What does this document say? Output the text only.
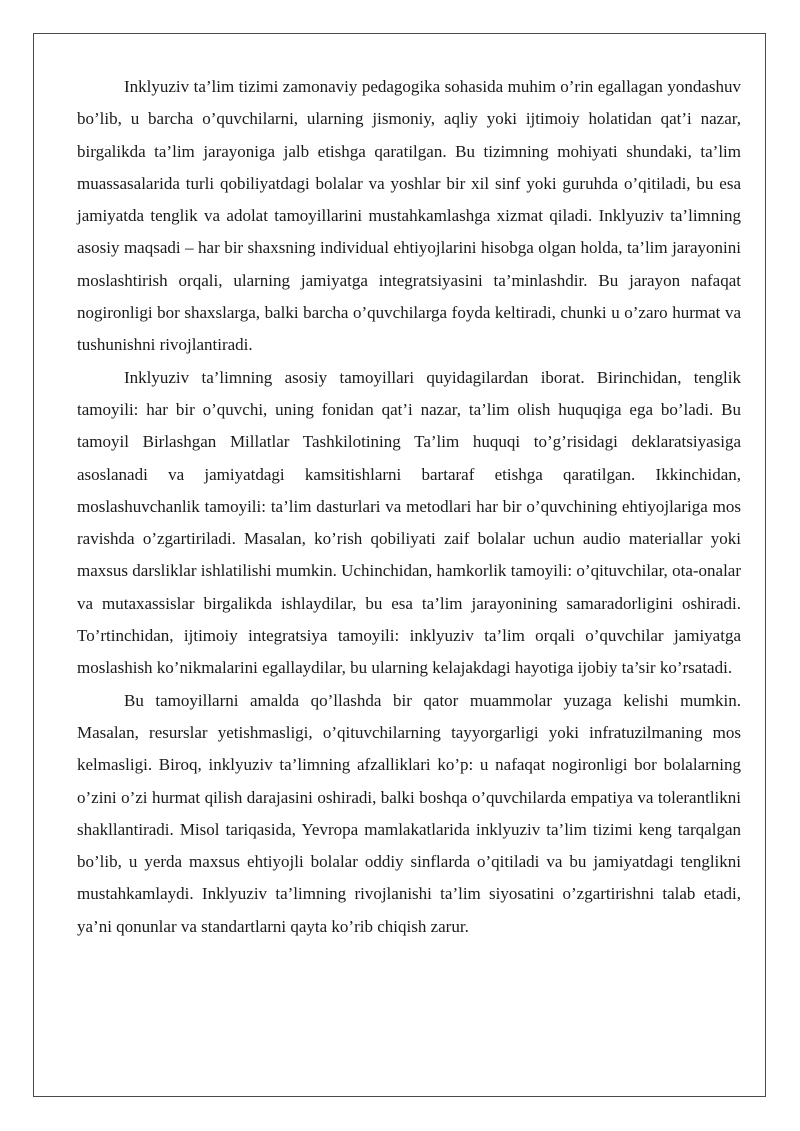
Inklyuziv ta’lim tizimi zamonaviy pedagogika sohasida muhim o’rin egallagan yondashuv bo’lib, u barcha o’quvchilarni, ularning jismoniy, aqliy yoki ijtimoiy holatidan qat’i nazar, birgalikda ta’lim jarayoniga jalb etishga qaratilgan. Bu tizimning mohiyati shundaki, ta’lim muassasalarida turli qobiliyatdagi bolalar va yoshlar bir xil sinf yoki guruhda o’qitiladi, bu esa jamiyatda tenglik va adolat tamoyillarini mustahkamlashga xizmat qiladi. Inklyuziv ta’limning asosiy maqsadi – har bir shaxsning individual ehtiyojlarini hisobga olgan holda, ta’lim jarayonini moslashtirish orqali, ularning jamiyatga integratsiyasini ta’minlashdir. Bu jarayon nafaqat nogironligi bor shaxslarga, balki barcha o’quvchilarga foyda keltiradi, chunki u o’zaro hurmat va tushunishni rivojlantiradi.

Inklyuziv ta’limning asosiy tamoyillari quyidagilardan iborat. Birinchidan, tenglik tamoyili: har bir o’quvchi, uning fonidan qat’i nazar, ta’lim olish huquqiga ega bo’ladi. Bu tamoyil Birlashgan Millatlar Tashkilotining Ta’lim huquqi to’g’risidagi deklaratsiyasiga asoslanadi va jamiyatdagi kamsitishlarni bartaraf etishga qaratilgan. Ikkinchidan, moslashuvchanlik tamoyili: ta’lim dasturlari va metodlari har bir o’quvchining ehtiyojlariga mos ravishda o’zgartiriladi. Masalan, ko’rish qobiliyati zaif bolalar uchun audio materiallar yoki maxsus darsliklar ishlatilishi mumkin. Uchinchidan, hamkorlik tamoyili: o’qituvchilar, ota-onalar va mutaxassislar birgalikda ishlaydilar, bu esa ta’lim jarayonining samaradorligini oshiradi. To’rtinchidan, ijtimoiy integratsiya tamoyili: inklyuziv ta’lim orqali o’quvchilar jamiyatga moslashish ko’nikmalarini egallaydilar, bu ularning kelajakdagi hayotiga ijobiy ta’sir ko’rsatadi.

Bu tamoyillarni amalda qo’llashda bir qator muammolar yuzaga kelishi mumkin. Masalan, resurslar yetishmasligi, o’qituvchilarning tayyorgarligi yoki infratuzilmaning mos kelmasligi. Biroq, inklyuziv ta’limning afzalliklari ko’p: u nafaqat nogironligi bor bolalarning o’zini o’zi hurmat qilish darajasini oshiradi, balki boshqa o’quvchilarda empatiya va tolerantlikni shakllantiradi. Misol tariqasida, Yevropa mamlakatlarida inklyuziv ta’lim tizimi keng tarqalgan bo’lib, u yerda maxsus ehtiyojli bolalar oddiy sinflarda o’qitiladi va bu jamiyatdagi tenglikni mustahkamlaydi. Inklyuziv ta’limning rivojlanishi ta’lim siyosatini o’zgartirishni talab etadi, ya’ni qonunlar va standartlarni qayta ko’rib chiqish zarur.
